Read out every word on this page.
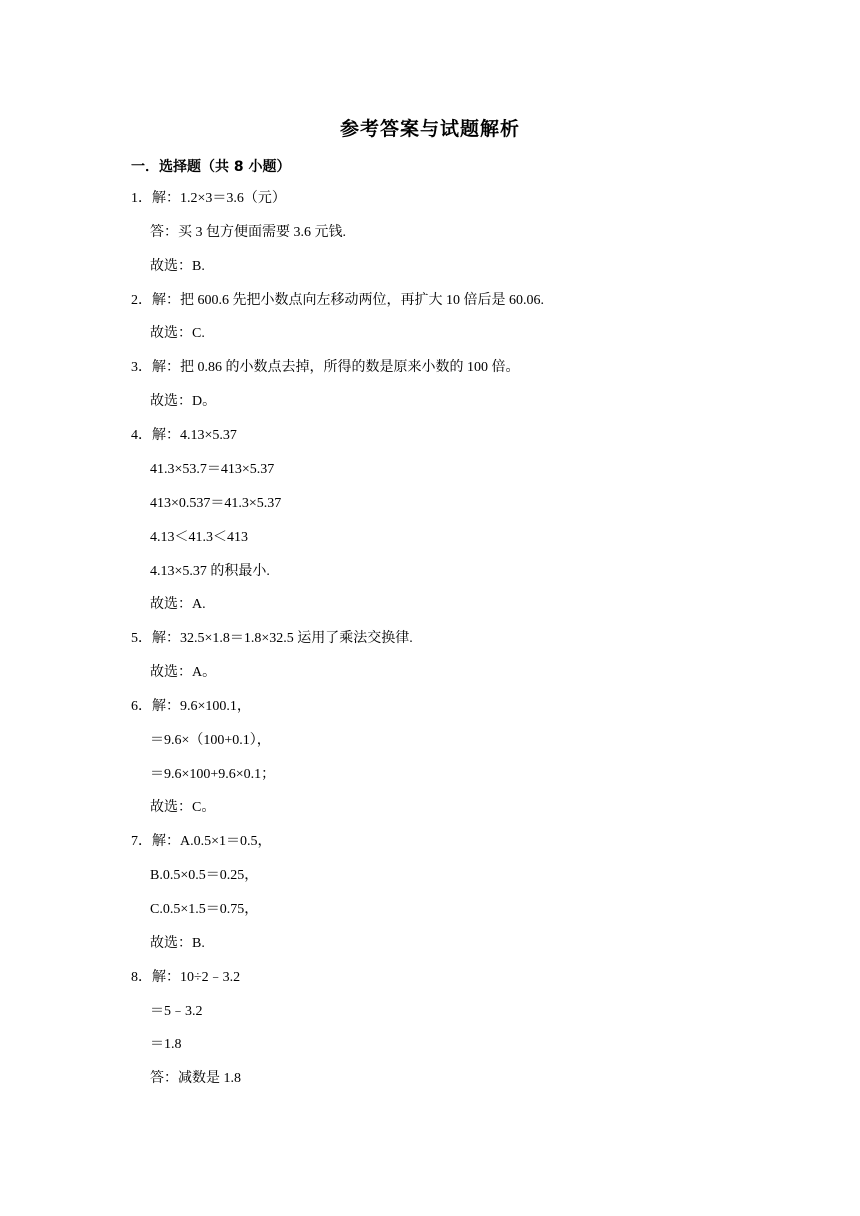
参考答案与试题解析
一．选择题（共 8 小题）
1．解：1.2×3＝3.6（元）
答：买 3 包方便面需要 3.6 元钱.
故选：B.
2．解：把 600.6 先把小数点向左移动两位，再扩大 10 倍后是 60.06.
故选：C.
3．解：把 0.86 的小数点去掉，所得的数是原来小数的 100 倍。
故选：D。
4．解：4.13×5.37
41.3×53.7＝413×5.37
413×0.537＝41.3×5.37
4.13＜41.3＜413
4.13×5.37 的积最小.
故选：A.
5．解：32.5×1.8＝1.8×32.5 运用了乘法交换律.
故选：A。
6．解：9.6×100.1，
＝9.6×（100+0.1），
＝9.6×100+9.6×0.1；
故选：C。
7．解：A.0.5×1＝0.5，
B.0.5×0.5＝0.25，
C.0.5×1.5＝0.75，
故选：B.
8．解：10÷2﹣3.2
＝5﹣3.2
＝1.8
答：减数是 1.8
